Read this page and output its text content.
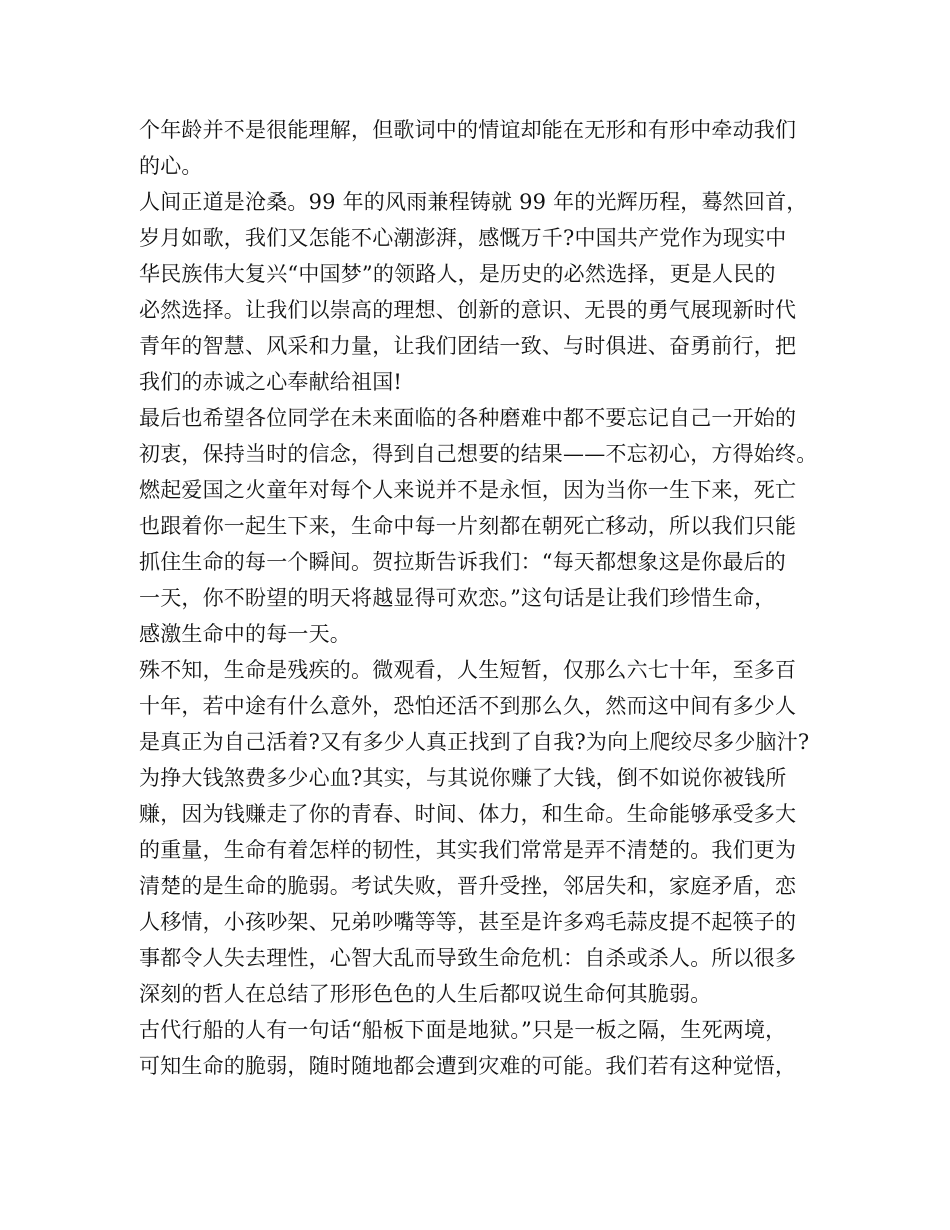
个年龄并不是很能理解，但歌词中的情谊却能在无形和有形中牵动我们
的心。
人间正道是沧桑。99 年的风雨兼程铸就 99 年的光辉历程，蓦然回首，
岁月如歌，我们又怎能不心潮澎湃，感慨万千?中国共产党作为现实中
华民族伟大复兴“中国梦”的领路人，是历史的必然选择，更是人民的
必然选择。让我们以崇高的理想、创新的意识、无畏的勇气展现新时代
青年的智慧、风采和力量，让我们团结一致、与时俱进、奋勇前行，把
我们的赤诚之心奉献给祖国!
最后也希望各位同学在未来面临的各种磨难中都不要忘记自己一开始的
初衷，保持当时的信念，得到自己想要的结果——不忘初心，方得始终。
燃起爱国之火童年对每个人来说并不是永恒，因为当你一生下来，死亡
也跟着你一起生下来，生命中每一片刻都在朝死亡移动，所以我们只能
抓住生命的每一个瞬间。贺拉斯告诉我们：“每天都想象这是你最后的
一天，你不盼望的明天将越显得可欢恋。”这句话是让我们珍惜生命，
感激生命中的每一天。
殊不知，生命是残疾的。微观看，人生短暂，仅那么六七十年，至多百
十年，若中途有什么意外，恐怕还活不到那么久，然而这中间有多少人
是真正为自己活着?又有多少人真正找到了自我?为向上爬绞尽多少脑汁?
为挣大钱煞费多少心血?其实，与其说你赚了大钱，倒不如说你被钱所
赚，因为钱赚走了你的青春、时间、体力，和生命。生命能够承受多大
的重量，生命有着怎样的韧性，其实我们常常是弄不清楚的。我们更为
清楚的是生命的脆弱。考试失败，晋升受挫，邻居失和，家庭矛盾，恋
人移情，小孩吵架、兄弟吵嘴等等，甚至是许多鸡毛蒜皮提不起筷子的
事都令人失去理性，心智大乱而导致生命危机：自杀或杀人。所以很多
深刻的哲人在总结了形形色色的人生后都叹说生命何其脆弱。
古代行船的人有一句话“船板下面是地狱。”只是一板之隔，生死两境，
可知生命的脆弱，随时随地都会遭到灾难的可能。我们若有这种觉悟，
